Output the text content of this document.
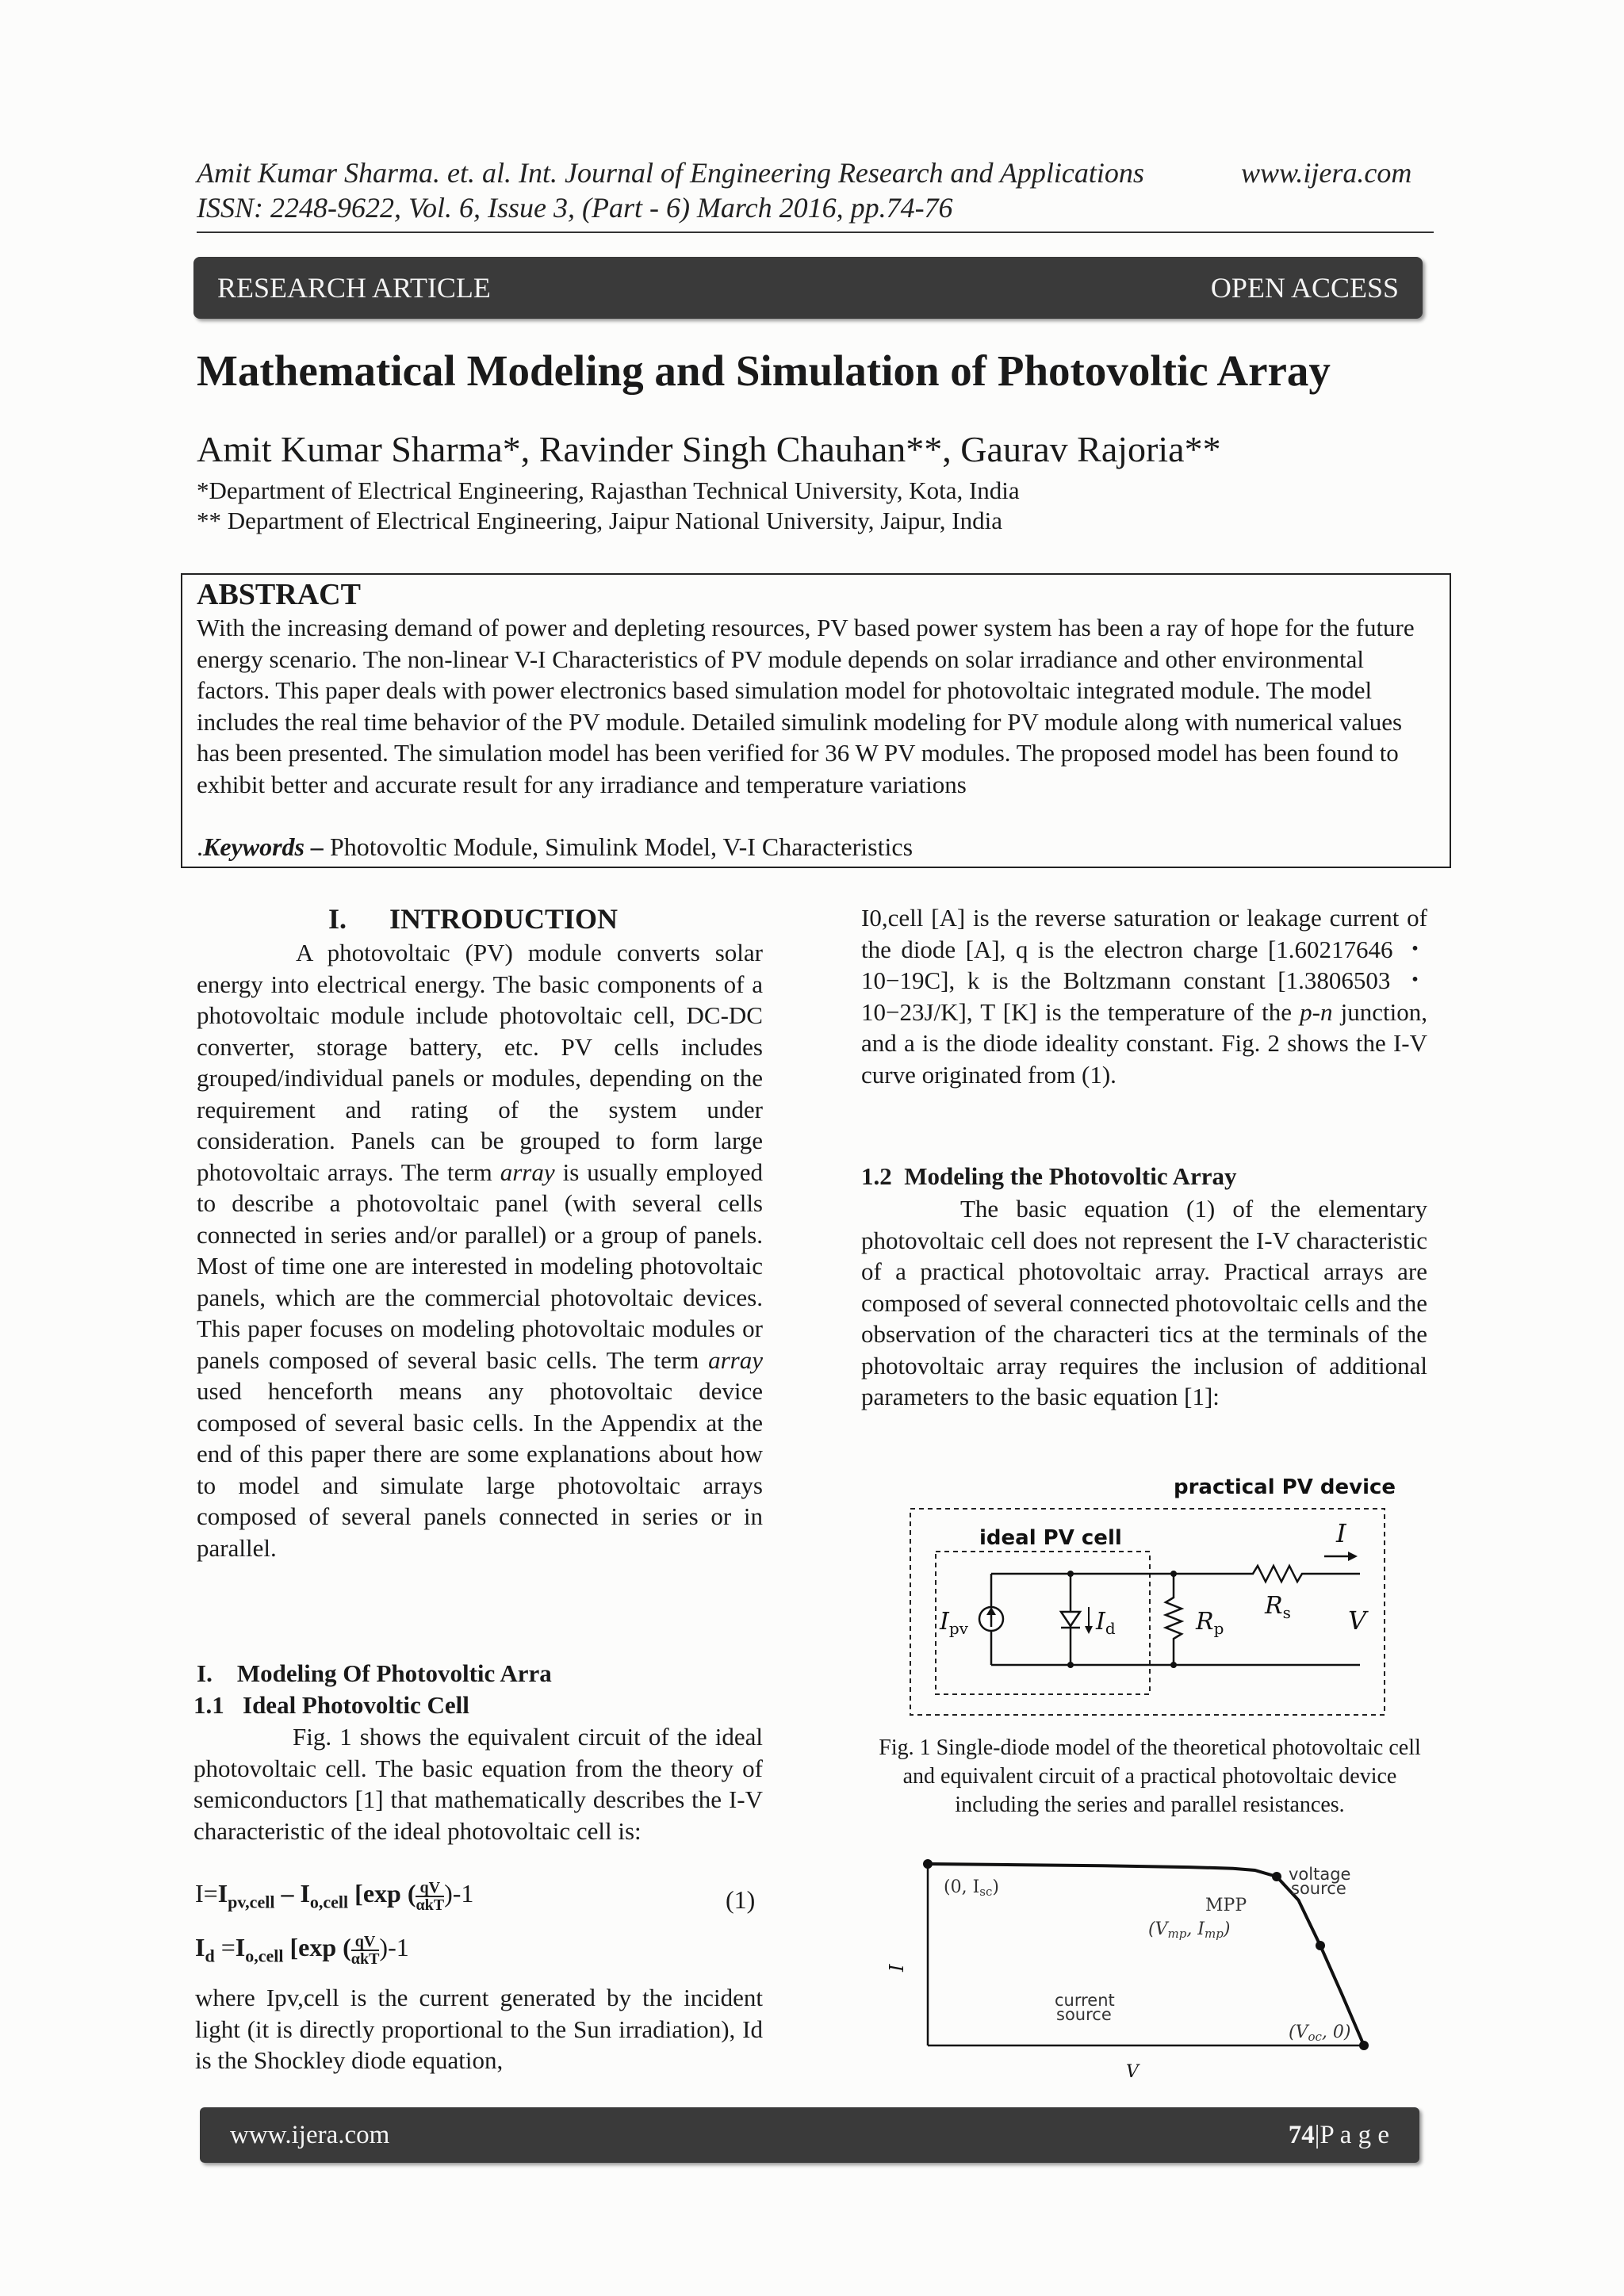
Amit Kumar Sharma. et. al. Int. Journal of Engineering Research and Applications	www.ijera.com
ISSN: 2248-9622, Vol. 6, Issue 3, (Part - 6) March 2016, pp.74-76
RESEARCH ARTICLE	OPEN ACCESS
Mathematical Modeling and Simulation of Photovoltic Array
Amit Kumar Sharma*, Ravinder Singh Chauhan**, Gaurav Rajoria**
*Department of Electrical Engineering, Rajasthan Technical University, Kota, India
** Department of Electrical Engineering, Jaipur National University, Jaipur, India
ABSTRACT
With the increasing demand of power and depleting resources, PV based power system has been a ray of hope for the future energy scenario. The non-linear V-I Characteristics of PV module depends on solar irradiance and other environmental factors. This paper deals with power electronics based simulation model for photovoltaic integrated module. The model includes the real time behavior of the PV module. Detailed simulink modeling for PV module along with numerical values has been presented. The simulation model has been verified for 36 W PV modules. The proposed model has been found to exhibit better and accurate result for any irradiance and temperature variations
.Keywords – Photovoltic Module, Simulink Model, V-I Characteristics
I.      INTRODUCTION

A photovoltaic (PV) module converts solar energy into electrical energy. The basic components of a photovoltaic module include photovoltaic cell, DC-DC converter, storage battery, etc. PV cells includes grouped/individual panels or modules, depending on the requirement and rating of the system under consideration. Panels can be grouped to form large photovoltaic arrays. The term array is usually employed to describe a photovoltaic panel (with several cells connected in series and/or parallel) or a group of panels. Most of time one are interested in modeling photovoltaic panels, which are the commercial photovoltaic devices. This paper focuses on modeling photovoltaic modules or panels composed of several basic cells. The term array used henceforth means any photovoltaic device composed of several basic cells. In the Appendix at the end of this paper there are some explanations about how to model and simulate large photovoltaic arrays composed of several panels connected in series or in parallel.

I.    Modeling Of Photovoltic Arra
1.1   Ideal Photovoltic Cell

Fig. 1 shows the equivalent circuit of the ideal photovoltaic cell. The basic equation from the theory of semiconductors [1] that mathematically describes the I-V characteristic of the ideal photovoltaic cell is:

$I=I_{pv,cell} - I_{o,cell}$ [exp ( $\frac{qV}{\text{αkT}} )-1$	(1)
$I_d =I_{o,cell}$ [exp ( $\frac{qV}{\text{αkT}} )-1$

where Ipv,cell is the current generated by the incident light (it is directly proportional to the Sun irradiation), Id is the Shockley diode equation,

I0,cell [A] is the reverse saturation or leakage current of the diode [A], q is the electron charge [1.60217646 ・ 10−19C], k is the Boltzmann constant [1.3806503 ・ 10−23J/K], T [K] is the temperature of the p-n junction, and a is the diode ideality constant. Fig. 2 shows the I-V curve originated from (1).

1.2  Modeling the Photovoltic Array

The basic equation (1) of the elementary photovoltaic cell does not represent the I-V characteristic of a practical photovoltaic array. Practical arrays are composed of several connected photovoltaic cells and the observation of the characteri tics at the terminals of the photovoltaic array requires the inclusion of additional parameters to the basic equation [1]:

practical PV device
ideal PV cell
$I_{pv}$	$I_d$	$R_p$
$R_s$
I
V
Fig. 1 Single-diode model of the theoretical photovoltaic cell and equivalent circuit of a practical photovoltaic device including the series and parallel resistances.
I
V
(0, Isc)
MPP
(Vmp, Imp)
(Voc, 0)
voltage
source
current
source
www.ijera.com	74|P a g e
